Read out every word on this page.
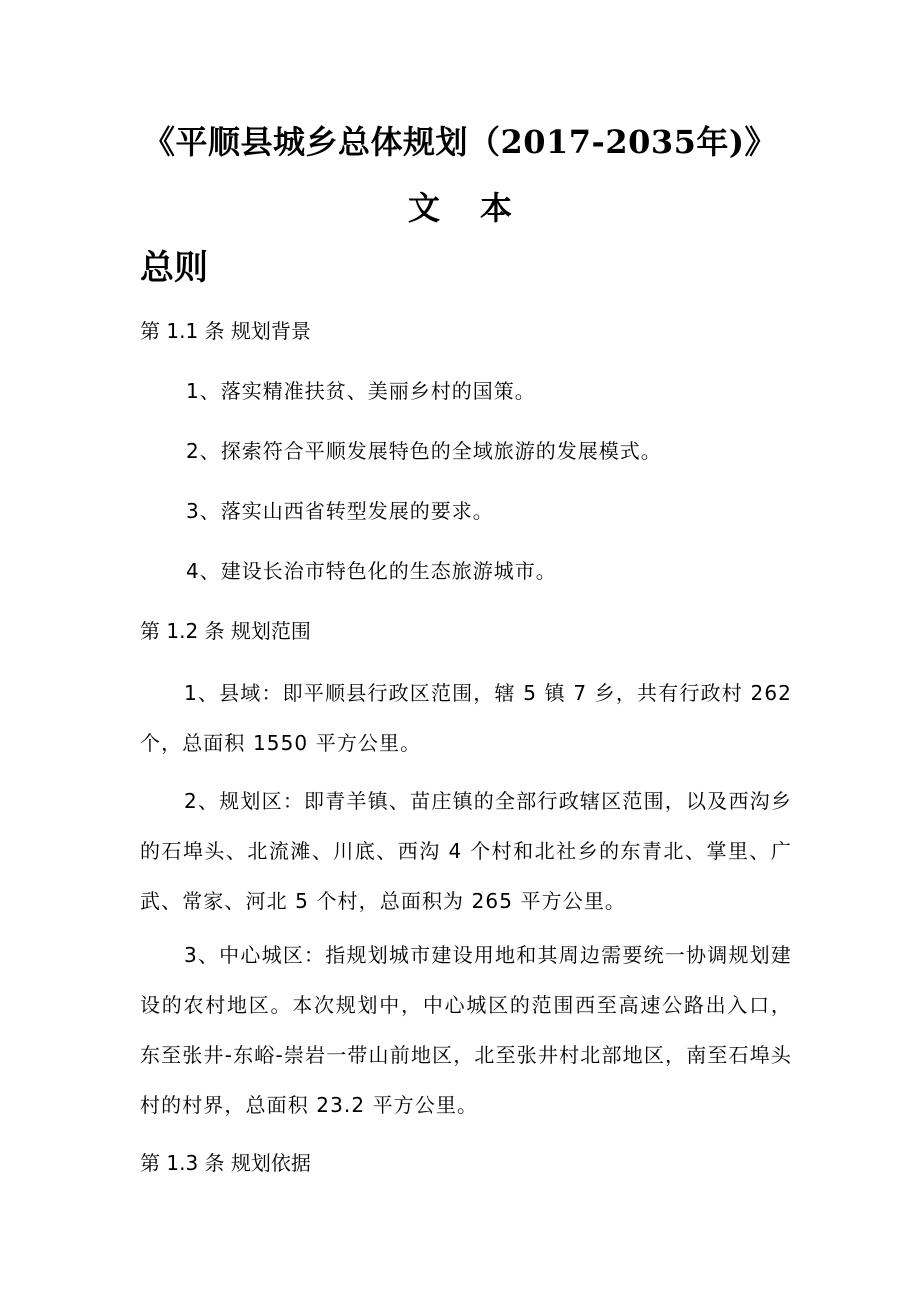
《平顺县城乡总体规划（2017-2035年)》
文本
总则
第 1.1 条 规划背景
1、落实精准扶贫、美丽乡村的国策。
2、探索符合平顺发展特色的全域旅游的发展模式。
3、落实山西省转型发展的要求。
4、建设长治市特色化的生态旅游城市。
第 1.2 条 规划范围
1、县域：即平顺县行政区范围，辖 5 镇 7 乡，共有行政村 262 个，总面积 1550 平方公里。
2、规划区：即青羊镇、苗庄镇的全部行政辖区范围，以及西沟乡的石埠头、北流滩、川底、西沟 4 个村和北社乡的东青北、掌里、广武、常家、河北 5 个村，总面积为 265 平方公里。
3、中心城区：指规划城市建设用地和其周边需要统一协调规划建设的农村地区。本次规划中，中心城区的范围西至高速公路出入口，东至张井-东峪-崇岩一带山前地区，北至张井村北部地区，南至石埠头村的村界，总面积 23.2 平方公里。
第 1.3 条 规划依据
